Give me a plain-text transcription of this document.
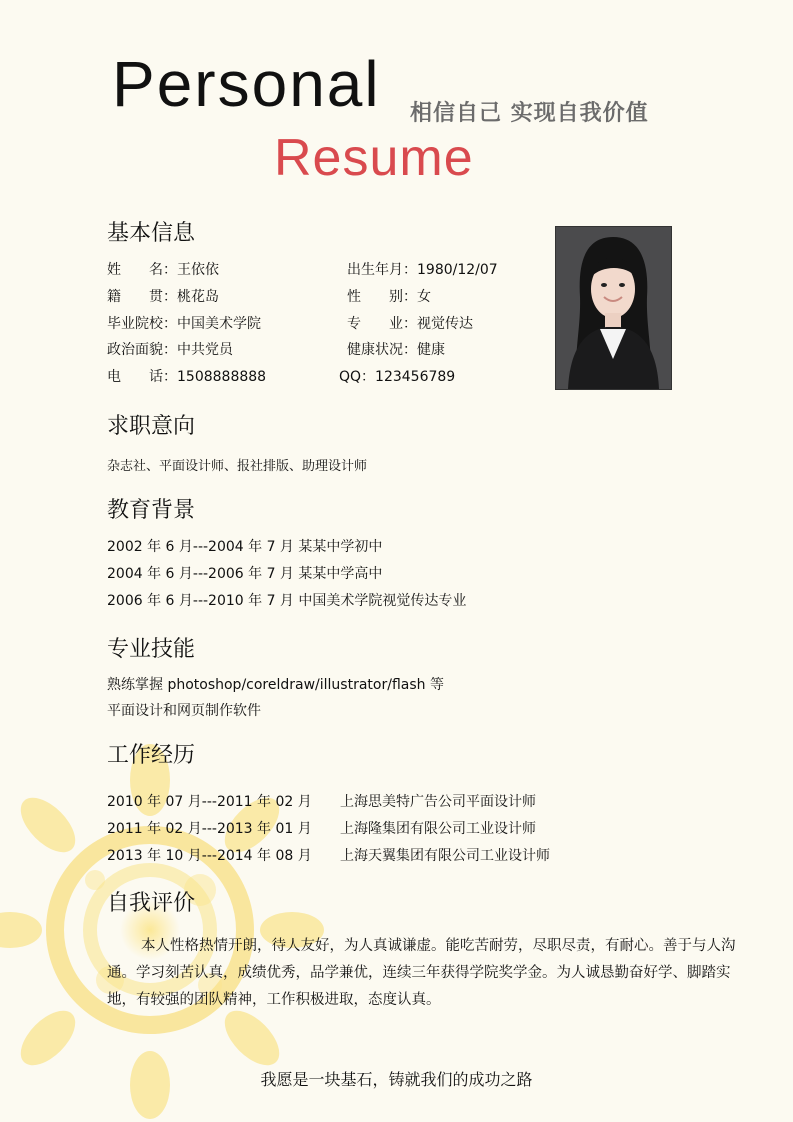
Personal 相信自己 实现自我价值
Resume
基本信息
姓　　名：王依依	出生年月：1980/12/07
籍　　贯：桃花岛	性　　别：女
毕业院校：中国美术学院	专　　业：视觉传达
政治面貌：中共党员	健康状况：健康
电　　话：1508888888	QQ：123456789
求职意向
杂志社、平面设计师、报社排版、助理设计师
教育背景
2002 年 6 月---2004 年 7 月 某某中学初中
2004 年 6 月---2006 年 7 月 某某中学高中
2006 年 6 月---2010 年 7 月 中国美术学院视觉传达专业
专业技能
熟练掌握 photoshop/coreldraw/illustrator/flash 等
平面设计和网页制作软件
工作经历
2010 年 07 月---2011 年 02 月 上海思美特广告公司平面设计师
2011 年 02 月---2013 年 01 月 上海隆集团有限公司工业设计师
2013 年 10 月---2014 年 08 月 上海天翼集团有限公司工业设计师
自我评价
本人性格热情开朗，待人友好，为人真诚谦虚。能吃苦耐劳，尽职尽责，有耐心。善于与人沟通。学习刻苦认真，成绩优秀，品学兼优，连续三年获得学院奖学金。为人诚恳勤奋好学、脚踏实地，有较强的团队精神，工作积极进取，态度认真。
我愿是一块基石，铸就我们的成功之路
